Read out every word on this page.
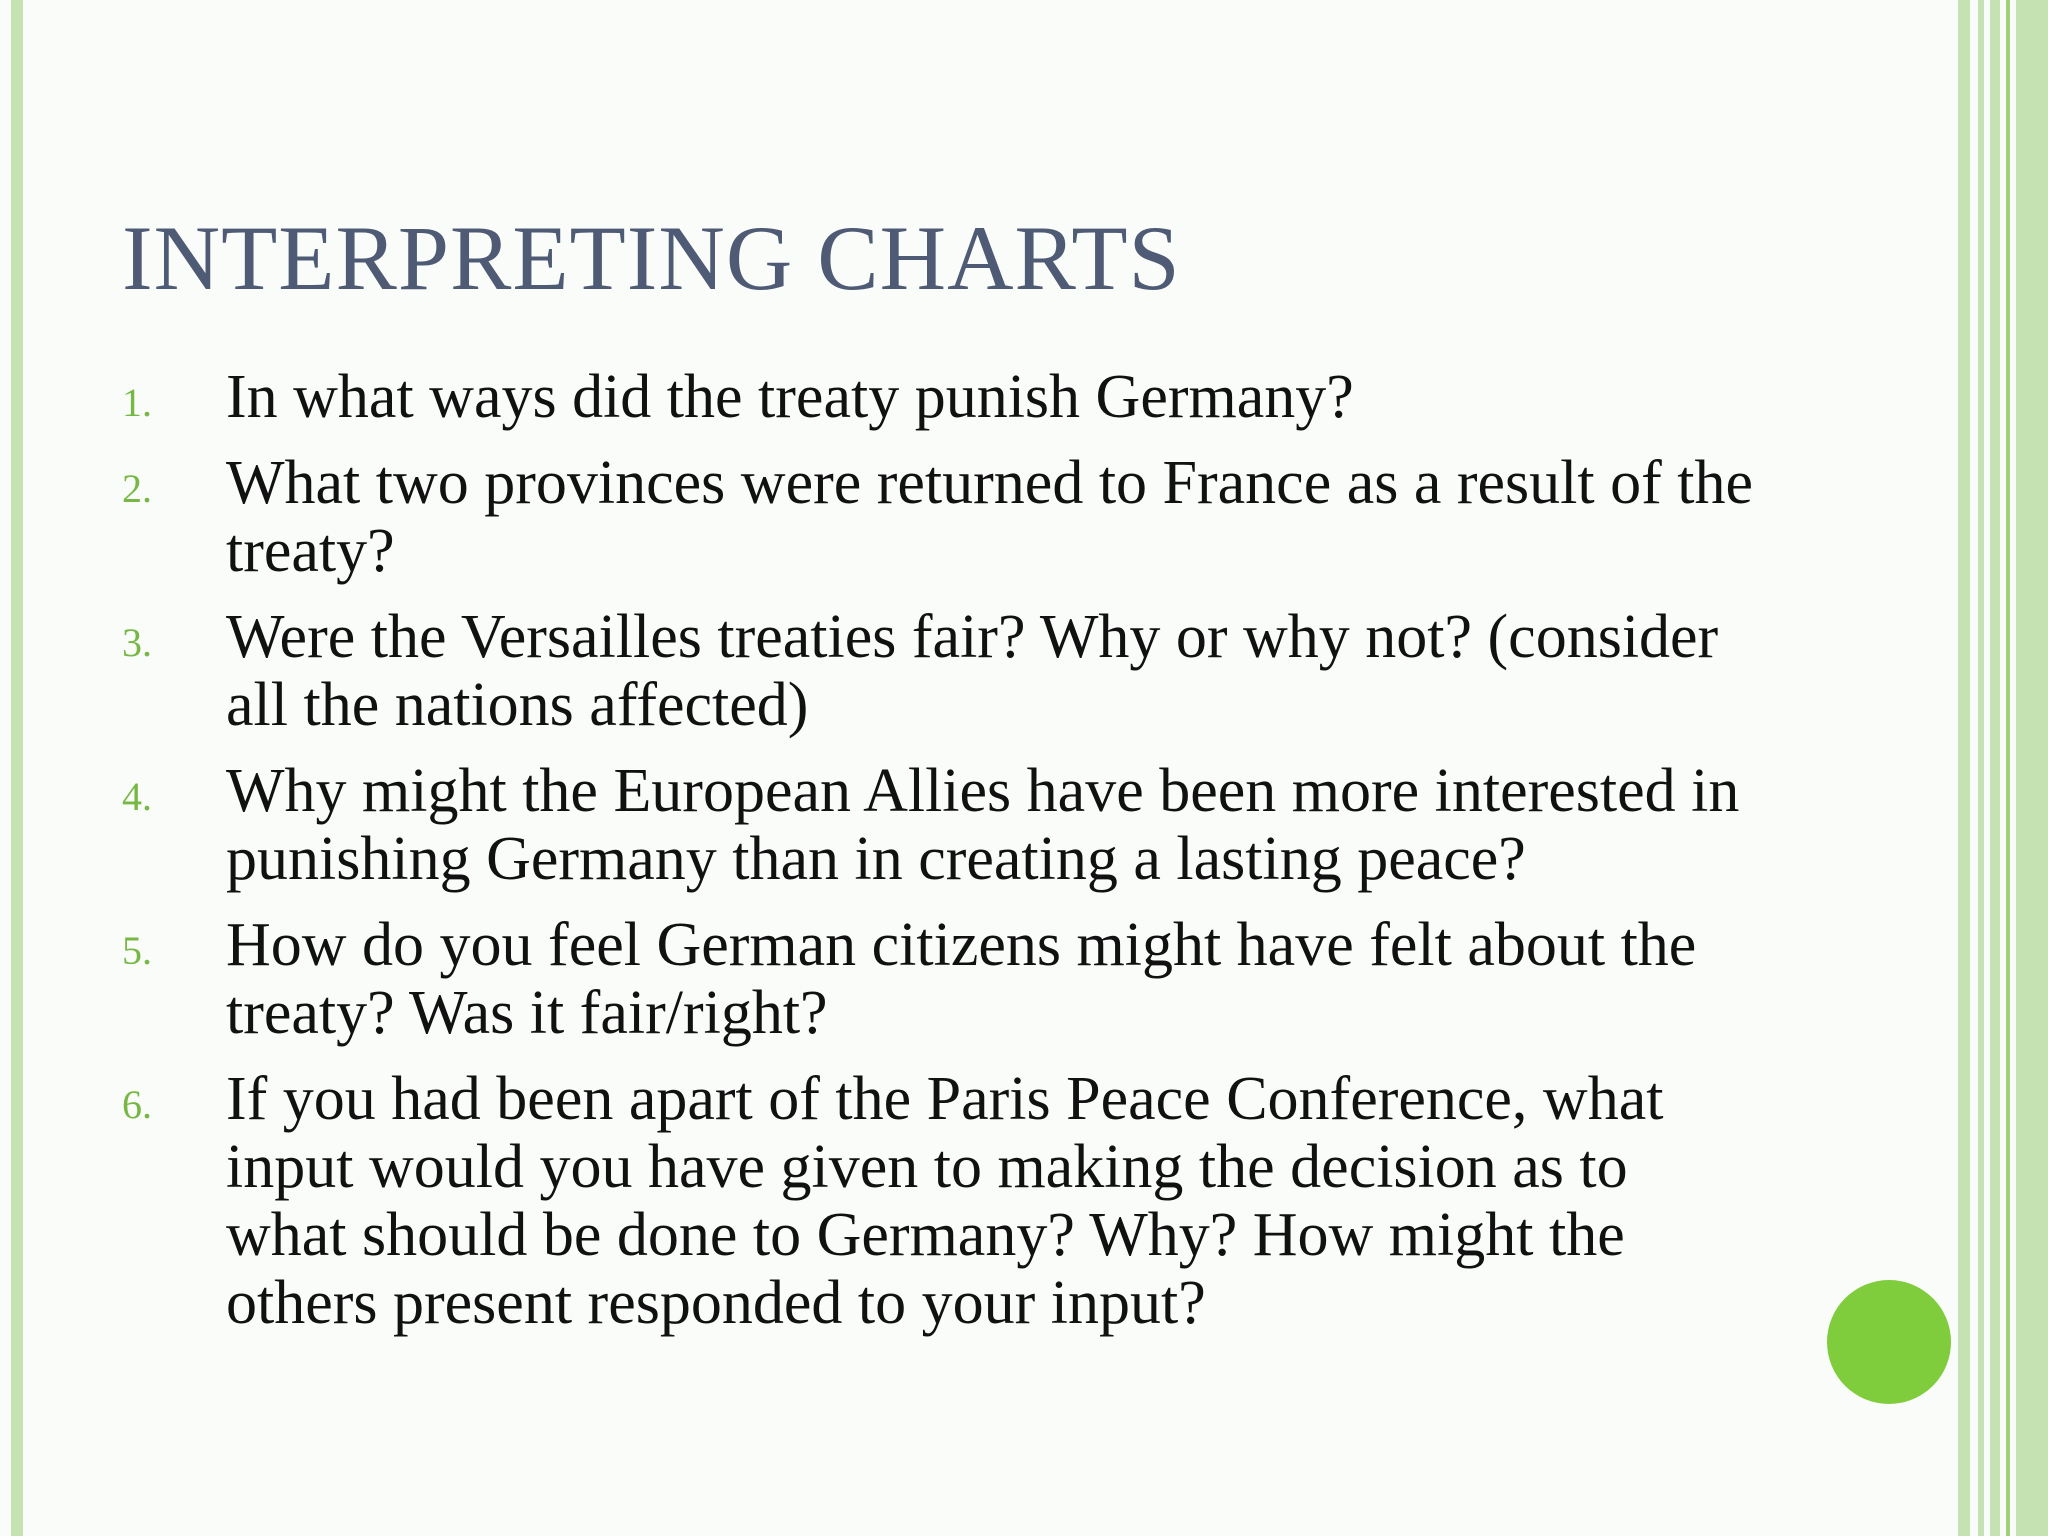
INTERPRETING CHARTS
1. In what ways did the treaty punish Germany?
2. What two provinces were returned to France as a result of the treaty?
3. Were the Versailles treaties fair? Why or why not? (consider all the nations affected)
4. Why might the European Allies have been more interested in punishing Germany than in creating a lasting peace?
5. How do you feel German citizens might have felt about the treaty? Was it fair/right?
6. If you had been apart of the Paris Peace Conference, what input would you have given to making the decision as to what should be done to Germany? Why? How might the others present responded to your input?
